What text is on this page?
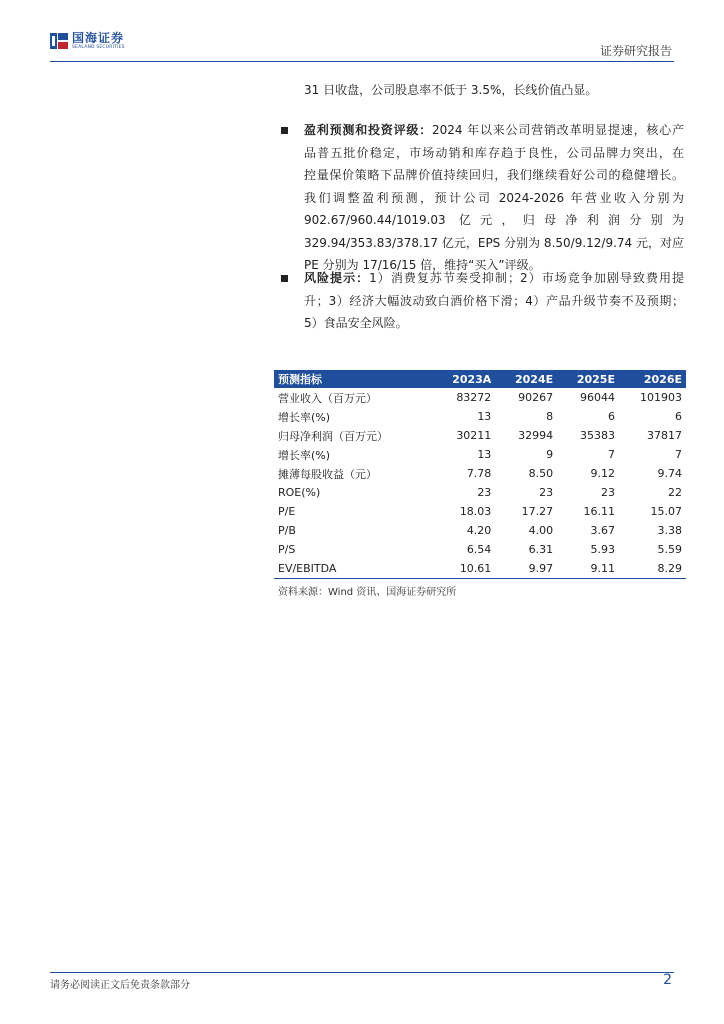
国海证券
SEALAND SECURITIES	证券研究报告
31 日收盘，公司股息率不低于 3.5%，长线价值凸显。
盈利预测和投资评级：2024 年以来公司营销改革明显提速，核心产
品普五批价稳定，市场动销和库存趋于良性，公司品牌力突出，在
控量保价策略下品牌价值持续回归，我们继续看好公司的稳健增长。
我们调整盈利预测，预计公司 2024-2026 年营业收入分别为
902.67/960.44/1019.03 亿元，归母净利润分别为
329.94/353.83/378.17 亿元，EPS 分别为 8.50/9.12/9.74 元，对应
PE 分别为 17/16/15 倍，维持“买入”评级。
风险提示：1）消费复苏节奏受抑制；2）市场竞争加剧导致费用提
升；3）经济大幅波动致白酒价格下滑；4）产品升级节奏不及预期；
5）食品安全风险。
预测指标	2023A	2024E	2025E	2026E
营业收入（百万元）	83272	90267	96044	101903
增长率(%)	13	8	6	6
归母净利润（百万元）	30211	32994	35383	37817
增长率(%)	13	9	7	7
摊薄每股收益（元）	7.78	8.50	9.12	9.74
ROE(%)	23	23	23	22
P/E	18.03	17.27	16.11	15.07
P/B	4.20	4.00	3.67	3.38
P/S	6.54	6.31	5.93	5.59
EV/EBITDA	10.61	9.97	9.11	8.29
资料来源：Wind 资讯、国海证券研究所
请务必阅读正文后免责条款部分	2
